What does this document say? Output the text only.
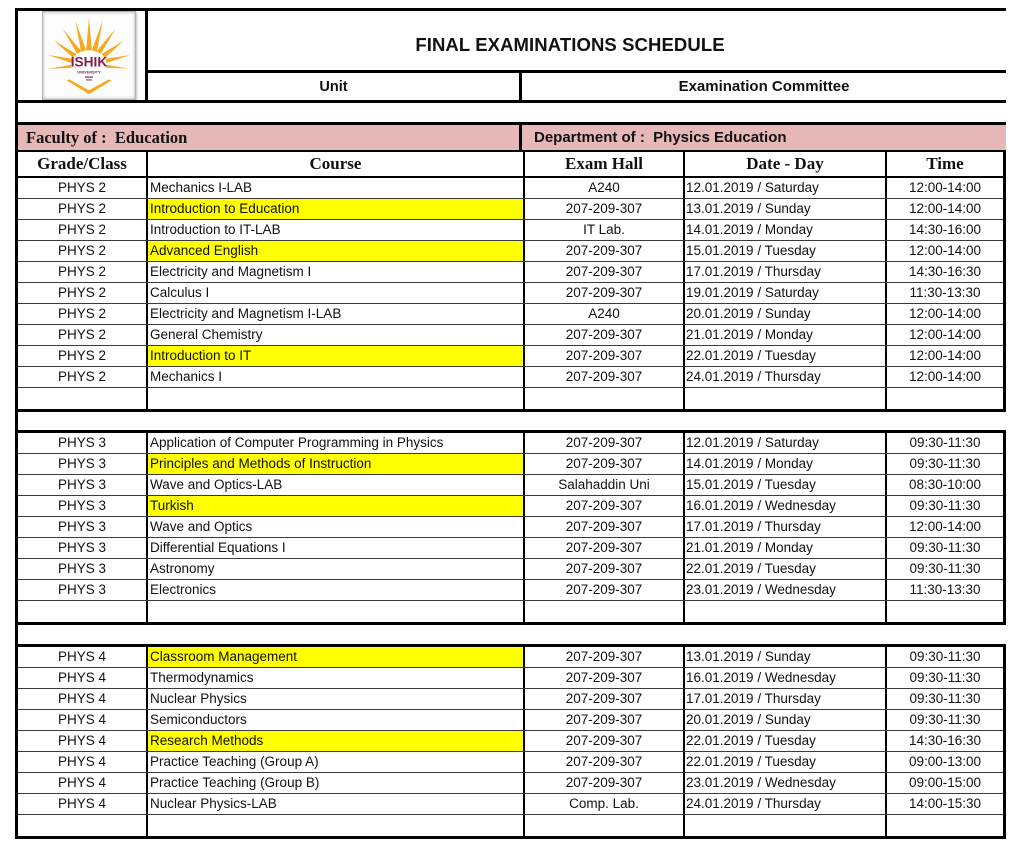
ISHIK
UNIVERSITY
FINAL EXAMINATIONS SCHEDULE
Unit	Examination Committee
Faculty of :  Education	Department of :  Physics Education
Grade/Class	Course	Exam Hall	Date - Day	Time
PHYS 2	Mechanics I-LAB	A240	12.01.2019 / Saturday	12:00-14:00
PHYS 2	Introduction to Education	207-209-307	13.01.2019 / Sunday	12:00-14:00
PHYS 2	Introduction to IT-LAB	IT Lab.	14.01.2019 / Monday	14:30-16:00
PHYS 2	Advanced English	207-209-307	15.01.2019 / Tuesday	12:00-14:00
PHYS 2	Electricity and Magnetism I	207-209-307	17.01.2019 / Thursday	14:30-16:30
PHYS 2	Calculus I	207-209-307	19.01.2019 / Saturday	11:30-13:30
PHYS 2	Electricity and Magnetism I-LAB	A240	20.01.2019 / Sunday	12:00-14:00
PHYS 2	General Chemistry	207-209-307	21.01.2019 / Monday	12:00-14:00
PHYS 2	Introduction to IT	207-209-307	22.01.2019 / Tuesday	12:00-14:00
PHYS 2	Mechanics I	207-209-307	24.01.2019 / Thursday	12:00-14:00
PHYS 3	Application of Computer Programming in Physics	207-209-307	12.01.2019 / Saturday	09:30-11:30
PHYS 3	Principles and Methods of Instruction	207-209-307	14.01.2019 / Monday	09:30-11:30
PHYS 3	Wave and Optics-LAB	Salahaddin Uni	15.01.2019 / Tuesday	08:30-10:00
PHYS 3	Turkish	207-209-307	16.01.2019 / Wednesday	09:30-11:30
PHYS 3	Wave and Optics	207-209-307	17.01.2019 / Thursday	12:00-14:00
PHYS 3	Differential Equations I	207-209-307	21.01.2019 / Monday	09:30-11:30
PHYS 3	Astronomy	207-209-307	22.01.2019 / Tuesday	09:30-11:30
PHYS 3	Electronics	207-209-307	23.01.2019 / Wednesday	11:30-13:30
PHYS 4	Classroom Management	207-209-307	13.01.2019 / Sunday	09:30-11:30
PHYS 4	Thermodynamics	207-209-307	16.01.2019 / Wednesday	09:30-11:30
PHYS 4	Nuclear Physics	207-209-307	17.01.2019 / Thursday	09:30-11:30
PHYS 4	Semiconductors	207-209-307	20.01.2019 / Sunday	09:30-11:30
PHYS 4	Research Methods	207-209-307	22.01.2019 / Tuesday	14:30-16:30
PHYS 4	Practice Teaching (Group A)	207-209-307	22.01.2019 / Tuesday	09:00-13:00
PHYS 4	Practice Teaching (Group B)	207-209-307	23.01.2019 / Wednesday	09:00-15:00
PHYS 4	Nuclear Physics-LAB	Comp. Lab.	24.01.2019 / Thursday	14:00-15:30
